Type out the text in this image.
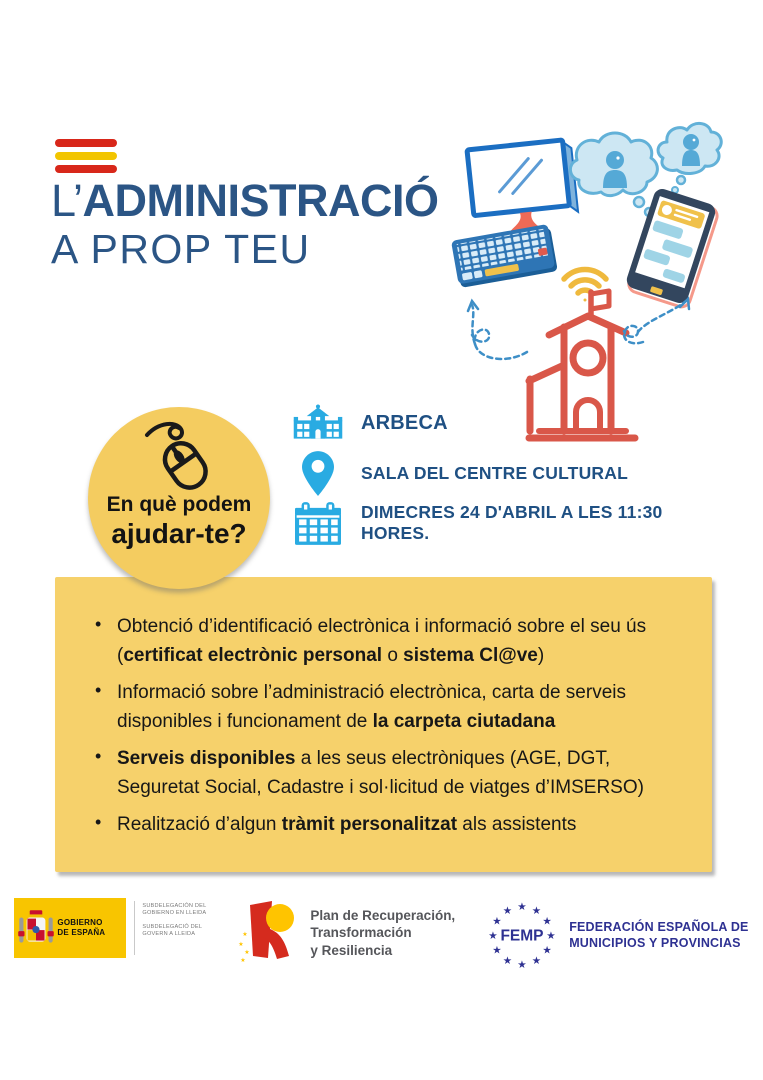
L’ADMINISTRACIÓ
A PROP TEU
En què podem
ajudar-te?
ARBECA
SALA DEL CENTRE CULTURAL
DIMECRES 24 D'ABRIL A LES 11:30 HORES.
• Obtenció d’identificació electrònica i informació sobre el seu ús (certificat electrònic personal o sistema Cl@ve)
• Informació sobre l’administració electrònica, carta de serveis disponibles i funcionament de la carpeta ciutadana
• Serveis disponibles a les seus electròniques (AGE, DGT, Seguretat Social, Cadastre i sol·licitud de viatges d’IMSERSO)
• Realització d’algun tràmit personalitzat als assistents
GOBIERNO
DE ESPAÑA

SUBDELEGACIÓN DEL GOBIERNO EN LLEIDA

SUBDELEGACIÓ DEL GOVERN A LLEIDA	★
★
★
★
Plan de Recuperación,
Transformación
y Resiliencia
★ ★
★
★
★
★
★
★
★
★
★
★
FEMP
FEDERACIÓN ESPAÑOLA DE
MUNICIPIOS Y PROVINCIAS
